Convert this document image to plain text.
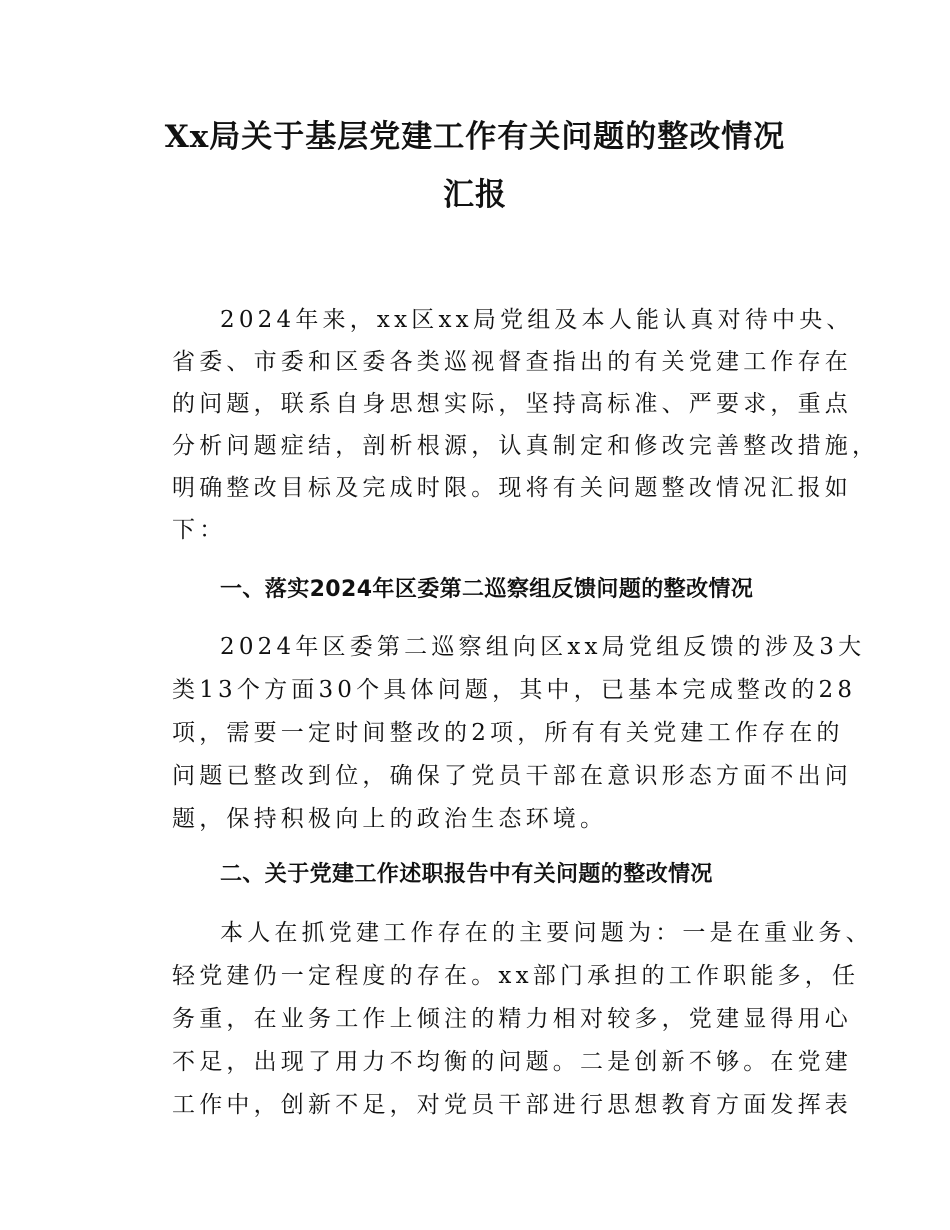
Xx局关于基层党建工作有关问题的整改情况
汇报
2024年来，xx区xx局党组及本人能认真对待中央、
省委、市委和区委各类巡视督查指出的有关党建工作存在
的问题，联系自身思想实际，坚持高标准、严要求，重点
分析问题症结，剖析根源，认真制定和修改完善整改措施，
明确整改目标及完成时限。现将有关问题整改情况汇报如
下：
一、落实2024年区委第二巡察组反馈问题的整改情况
2024年区委第二巡察组向区xx局党组反馈的涉及3大
类13个方面30个具体问题，其中，已基本完成整改的28
项，需要一定时间整改的2项，所有有关党建工作存在的
问题已整改到位，确保了党员干部在意识形态方面不出问
题，保持积极向上的政治生态环境。
二、关于党建工作述职报告中有关问题的整改情况
本人在抓党建工作存在的主要问题为：一是在重业务、
轻党建仍一定程度的存在。xx部门承担的工作职能多，任
务重，在业务工作上倾注的精力相对较多，党建显得用心
不足，出现了用力不均衡的问题。二是创新不够。在党建
工作中，创新不足，对党员干部进行思想教育方面发挥表
